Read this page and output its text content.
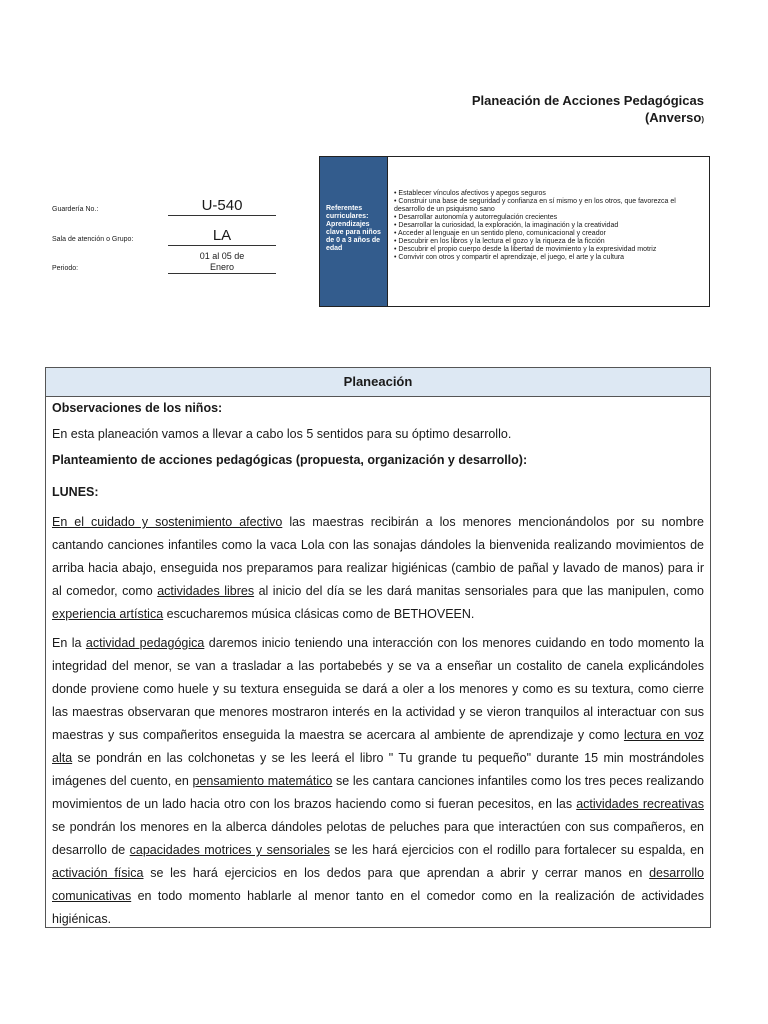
Planeación de Acciones Pedagógicas
(Anverso)
Guardería No.:	U-540
Sala de atención o Grupo:	LA
Periodo:
01 al 05 de
Enero
Referentes curriculares: Aprendizajes clave para niños de 0 a 3 años de edad
• Establecer vínculos afectivos y apegos seguros
• Construir una base de seguridad y confianza en sí mismo y en los otros, que favorezca el desarrollo de un psiquismo sano
• Desarrollar autonomía y autorregulación crecientes
• Desarrollar la curiosidad, la exploración, la imaginación y la creatividad
• Acceder al lenguaje en un sentido pleno, comunicacional y creador
• Descubrir en los libros y la lectura el gozo y la riqueza de la ficción
• Descubrir el propio cuerpo desde la libertad de movimiento y la expresividad motriz
• Convivir con otros y compartir el aprendizaje, el juego, el arte y la cultura
Planeación

Observaciones de los niños:

En esta planeación vamos a llevar a cabo los 5 sentidos para su óptimo desarrollo.

Planteamiento de acciones pedagógicas (propuesta, organización y desarrollo):

LUNES:

En el cuidado y sostenimiento afectivo las maestras recibirán a los menores mencionándolos por su nombre cantando canciones infantiles como la vaca Lola con las sonajas dándoles la bienvenida realizando movimientos de arriba hacia abajo, enseguida nos preparamos para realizar higiénicas (cambio de pañal y lavado de manos) para ir al comedor, como actividades libres al inicio del día se les dará manitas sensoriales para que las manipulen, como experiencia artística escucharemos música clásicas como de BETHOVEEN.

En la actividad pedagógica daremos inicio teniendo una interacción con los menores cuidando en todo momento la integridad del menor, se van a trasladar a las portabebés y se va a enseñar un costalito de canela explicándoles donde proviene como huele y su textura enseguida se dará a oler a los menores y como es su textura, como cierre las maestras observaran que menores mostraron interés en la actividad y se vieron tranquilos al interactuar con sus maestras y sus compañeritos enseguida la maestra se acercara al ambiente de aprendizaje y como lectura en voz alta se pondrán en las colchonetas y se les leerá el libro " Tu grande tu pequeño" durante 15 min mostrándoles imágenes del cuento, en pensamiento matemático se les cantara canciones infantiles como los tres peces realizando movimientos de un lado hacia otro con los brazos haciendo como si fueran pecesitos, en las actividades recreativas se pondrán los menores en la alberca dándoles pelotas de peluches para que interactúen con sus compañeros, en desarrollo de capacidades motrices y sensoriales se les hará ejercicios con el rodillo para fortalecer su espalda, en activación física se les hará ejercicios en los dedos para que aprendan a abrir y cerrar manos en desarrollo comunicativas en todo momento hablarle al menor tanto en el comedor como en la realización de actividades higiénicas.
